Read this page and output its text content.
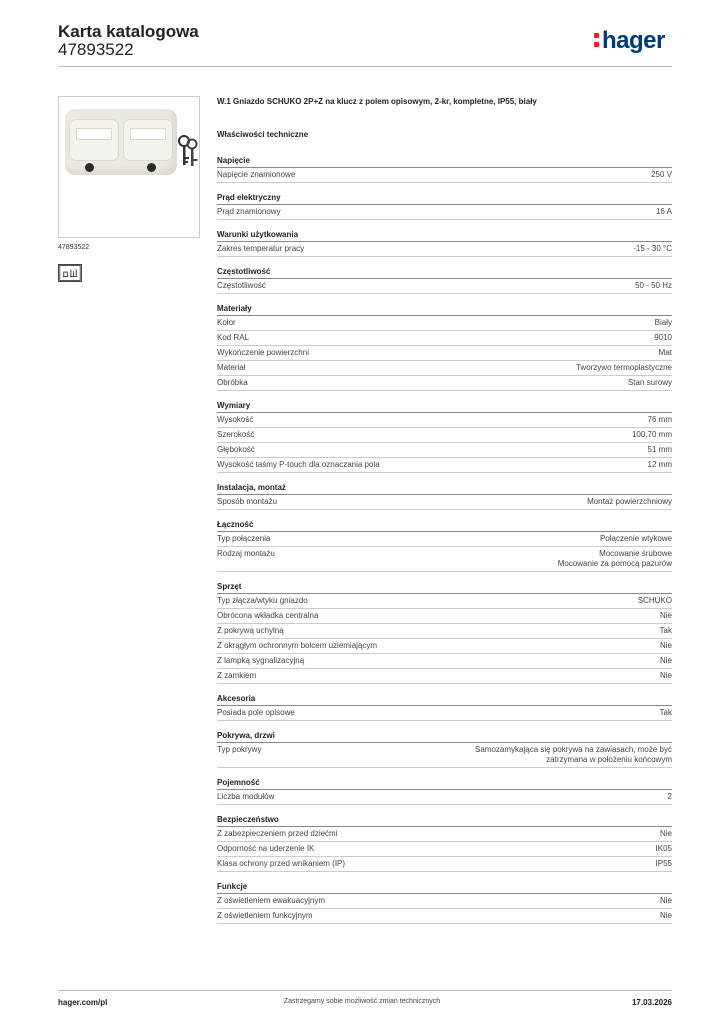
Karta katalogowa
47893522	hager
47893522
W.1 Gniazdo SCHUKO 2P+Z na klucz z polem opisowym, 2-kr, kompletne, IP55, biały
Właściwości techniczne
Napięcie
Napięcie znamionowe	250 V
Prąd elektryczny
Prąd znamionowy	16 A
Warunki użytkowania
Zakres temperatur pracy	-15 - 30 °C
Częstotliwość
Częstotliwość	50 - 50 Hz
Materiały
Kolor	Biały
Kod RAL	9010
Wykończenie powierzchni	Mat
Materiał	Tworzywo termoplastyczne
Obróbka	Stan surowy
Wymiary
Wysokość	76 mm
Szerokość	100,70 mm
Głębokość	51 mm
Wysokość taśmy P-touch dla oznaczania pola	12 mm
Instalacja, montaż
Sposób montażu	Montaż powierzchniowy
Łączność
Typ połączenia	Połączenie wtykowe
Rodzaj montażu	Mocowanie śrubowe
Mocowanie za pomocą pazurów
Sprzęt
Typ złącza/wtyku gniazdo	SCHUKO
Obrócona wkładka centralna	Nie
Z pokrywą uchylną	Tak
Z okrągłym ochronnym bolcem uziemiającym	Nie
Z lampką sygnalizacyjną	Nie
Z zamkiem	Nie
Akcesoria
Posiada pole opisowe	Tak
Pokrywa, drzwi
Typ pokrywy	Samozamykająca się pokrywa na zawiasach, może być
zatrzymana w położeniu końcowym
Pojemność
Liczba modułów	2
Bezpieczeństwo
Z zabezpieczeniem przed dziećmi	Nie
Odporność na uderzenie IK	IK05
Klasa ochrony przed wnikaniem (IP)	IP55
Funkcje
Z oświetleniem ewakuacyjnym	Nie
Z oświetleniem funkcyjnym	Nie
hager.com/pl	Zastrzegamy sobie możliwość zmian technicznych	17.03.2026
